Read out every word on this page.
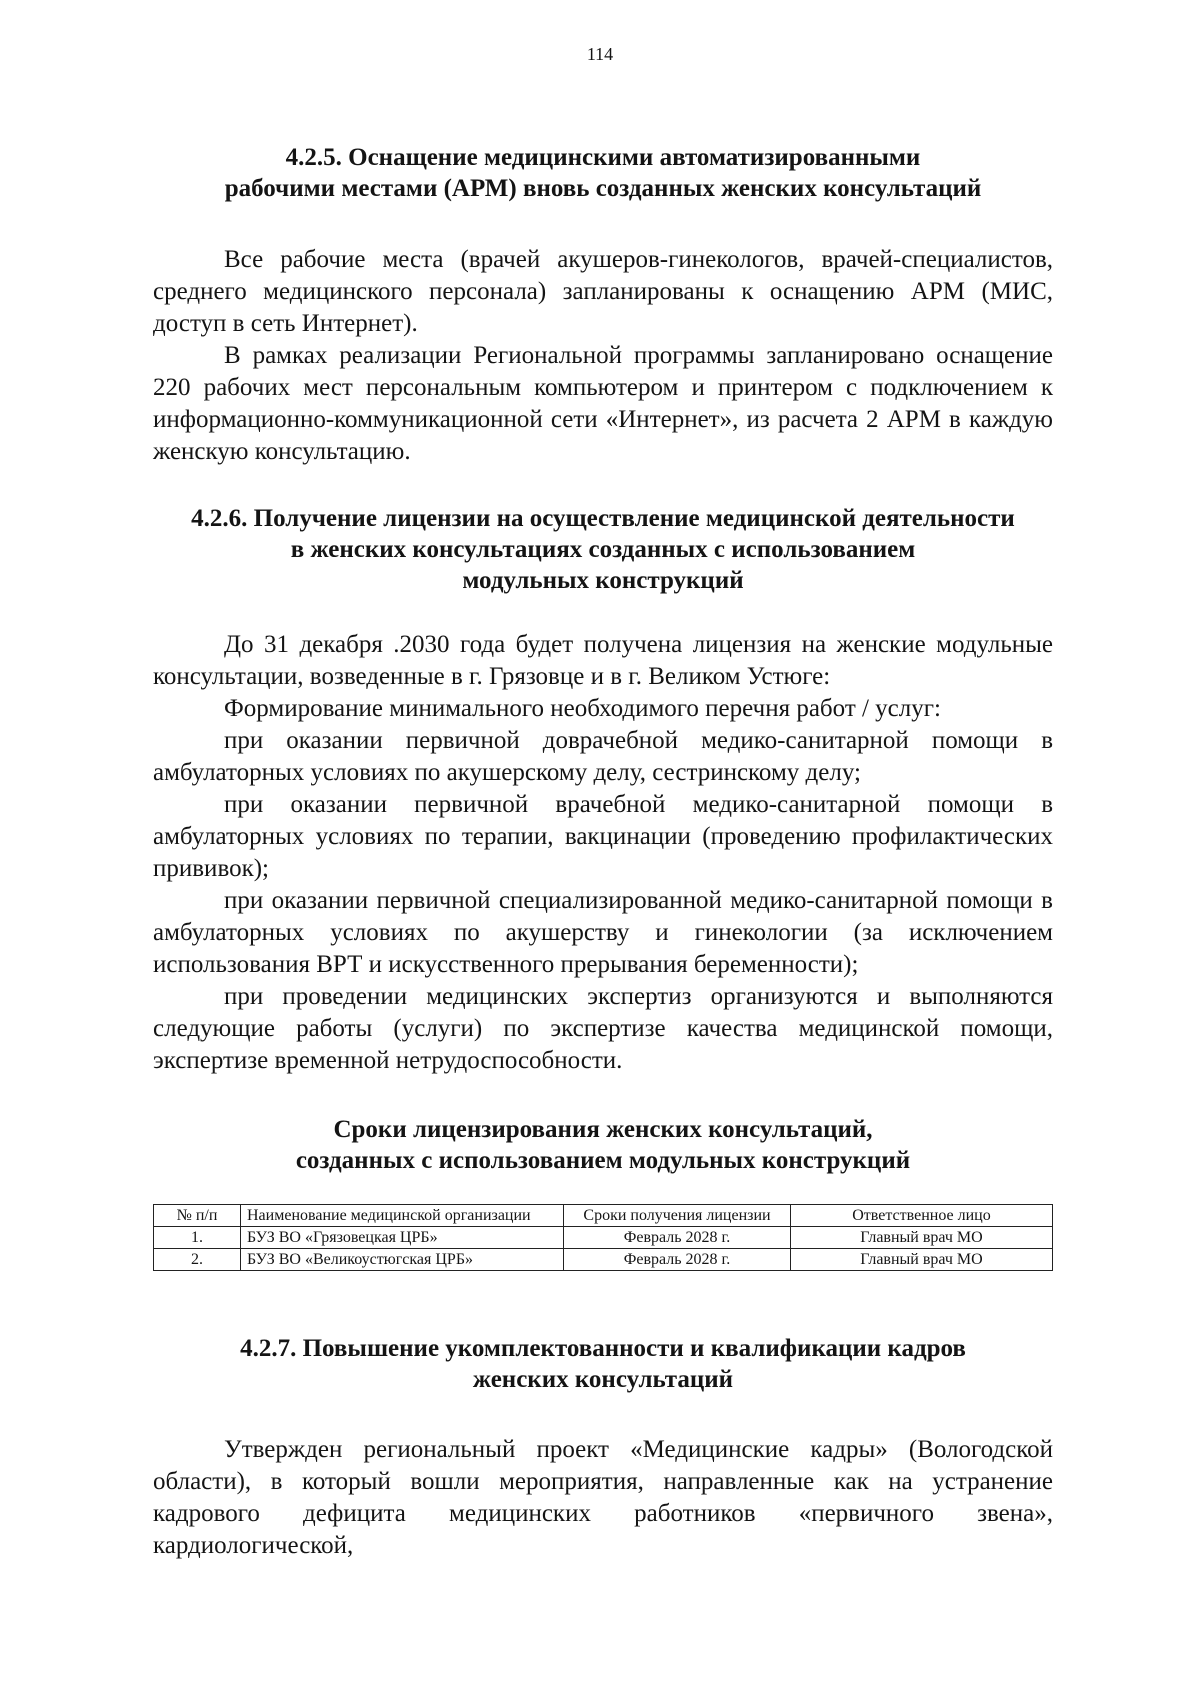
114
4.2.5. Оснащение медицинскими автоматизированными
рабочими местами (АРМ) вновь созданных женских консультаций

Все рабочие места (врачей акушеров-гинекологов, врачей-специалистов, среднего медицинского персонала) запланированы к оснащению АРМ (МИС, доступ в сеть Интернет).

В рамках реализации Региональной программы запланировано оснащение 220 рабочих мест персональным компьютером и принтером с подключением к информационно-коммуникационной сети «Интернет», из расчета 2 АРМ в каждую женскую консультацию.

4.2.6. Получение лицензии на осуществление медицинской деятельности
в женских консультациях созданных с использованием
модульных конструкций

До 31 декабря .2030 года будет получена лицензия на женские модульные консультации, возведенные в г. Грязовце и в г. Великом Устюге:

Формирование минимального необходимого перечня работ / услуг:

при оказании первичной доврачебной медико-санитарной помощи в амбулаторных условиях по акушерскому делу, сестринскому делу;

при оказании первичной врачебной медико-санитарной помощи в амбулаторных условиях по терапии, вакцинации (проведению профилактических прививок);

при оказании первичной специализированной медико-санитарной помощи в амбулаторных условиях по акушерству и гинекологии (за исключением использования ВРТ и искусственного прерывания беременности);

при проведении медицинских экспертиз организуются и выполняются следующие работы (услуги) по экспертизе качества медицинской помощи, экспертизе временной нетрудоспособности.

Сроки лицензирования женских консультаций,
созданных с использованием модульных конструкций
№ п/п	Наименование медицинской организации	Сроки получения лицензии	Ответственное лицо
1.	БУЗ ВО «Грязовецкая ЦРБ»	Февраль 2028 г.	Главный врач МО
2.	БУЗ ВО «Великоустюгская ЦРБ»	Февраль 2028 г.	Главный врач МО
4.2.7. Повышение укомплектованности и квалификации кадров
женских консультаций

Утвержден региональный проект «Медицинские кадры» (Вологодской области), в который вошли мероприятия, направленные как на устранение кадрового дефицита медицинских работников «первичного звена», кардиологической,
